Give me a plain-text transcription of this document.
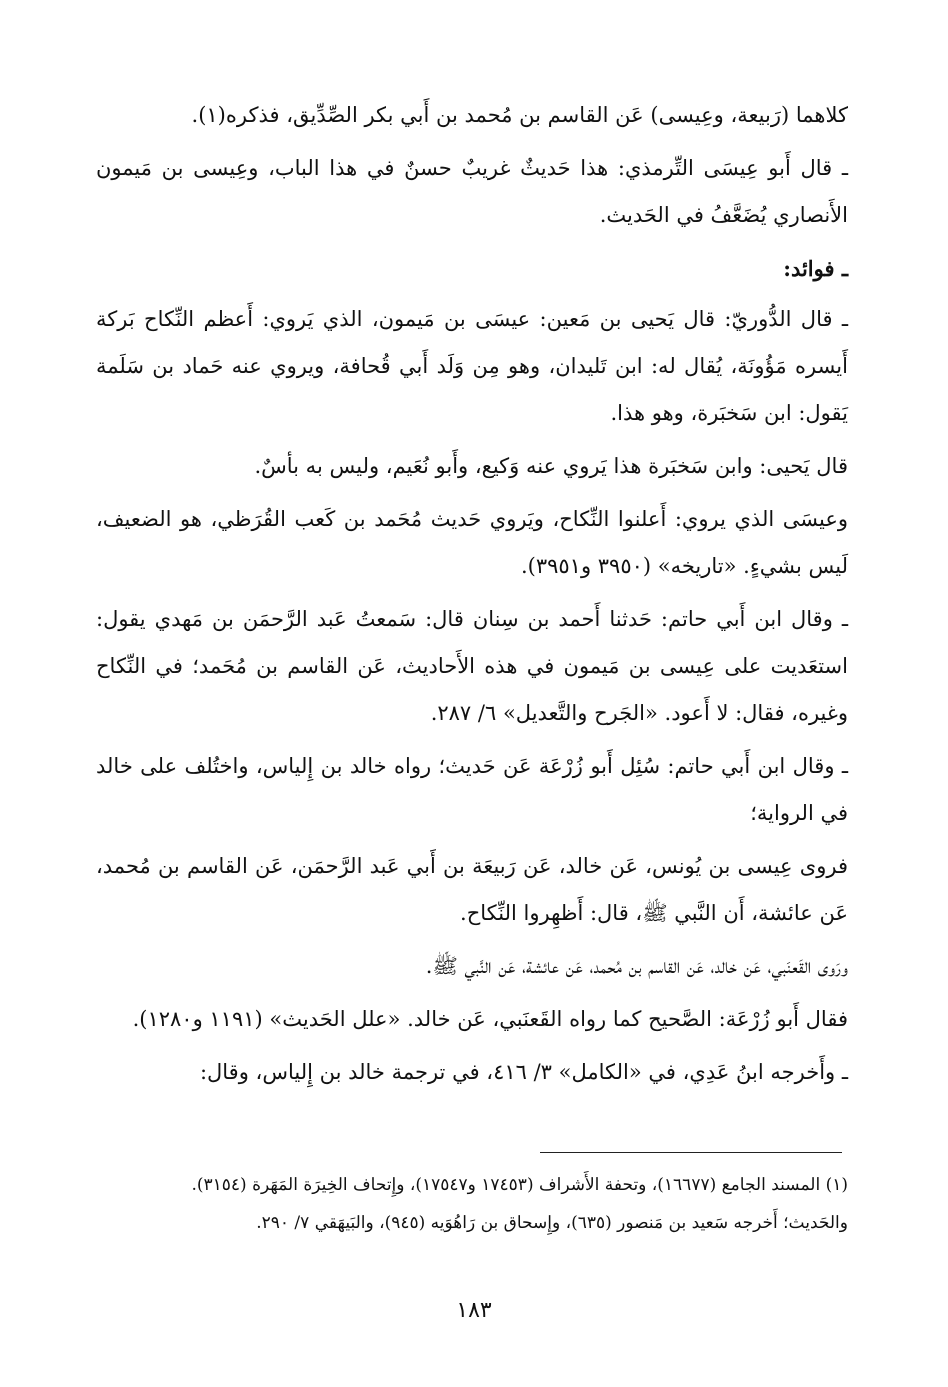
كلاهما (رَبيعة، وعِيسى) عَن القاسم بن مُحمد بن أَبي بكر الصِّدِّيق، فذكره(١).

ـ قال أَبو عِيسَى التِّرمذي: هذا حَديثٌ غريبٌ حسنٌ في هذا الباب، وعِيسى بن مَيمون الأَنصاري يُضَعَّفُ في الحَديث.

ـ فوائد:

ـ قال الدُّوريّ: قال يَحيى بن مَعين: عيسَى بن مَيمون، الذي يَروي: أَعظم النِّكاح بَركة أَيسره مَؤُونَة، يُقال له: ابن تَليدان، وهو مِن وَلَد أَبي قُحافة، ويروي عنه حَماد بن سَلَمة يَقول: ابن سَخبَرة، وهو هذا.

قال يَحيى: وابن سَخبَرة هذا يَروي عنه وَكيع، وأَبو نُعَيم، وليس به بأسٌ.

وعيسَى الذي يروي: أَعلنوا النِّكاح، ويَروي حَديث مُحَمد بن كَعب القُرَظي، هو الضعيف، لَيس بشيءٍ. «تاريخه» (٣٩٥٠ و٣٩٥١).

ـ وقال ابن أَبي حاتم: حَدثنا أَحمد بن سِنان قال: سَمعتُ عَبد الرَّحمَن بن مَهدي يقول: استعَديت على عِيسى بن مَيمون في هذه الأَحاديث، عَن القاسم بن مُحَمد؛ في النِّكاح وغيره، فقال: لا أَعود. «الجَرح والتَّعديل» ٦/ ٢٨٧.

ـ وقال ابن أَبي حاتم: سُئِل أَبو زُرْعَة عَن حَديث؛ رواه خالد بن إِلياس، واختُلف على خالد في الرواية؛

فروى عِيسى بن يُونس، عَن خالد، عَن رَبيعَة بن أَبي عَبد الرَّحمَن، عَن القاسم بن مُحمد، عَن عائشة، أَن النَّبي ﷺ، قال: أَظهِروا النِّكاح.

ورَوى القَعنَبي، عَن خالد، عَن القاسم بن مُحمد، عَن عائشة، عَن النَّبي ﷺ.

فقال أَبو زُرْعَة: الصَّحيح كما رواه القَعنَبي، عَن خالد. «علل الحَديث» (١١٩١ و١٢٨٠).

ـ وأَخرجه ابنُ عَدِي، في «الكامل» ٣/ ٤١٦، في ترجمة خالد بن إِلياس، وقال:

(١) المسند الجامع (١٦٦٧٧)، وتحفة الأَشراف (١٧٤٥٣ و١٧٥٤٧)، وإِتحاف الخِيرَة المَهَرة (٣١٥٤).

والحَديث؛ أَخرجه سَعيد بن مَنصور (٦٣٥)، وإِسحاق بن رَاهُوَيه (٩٤٥)، والبَيهَقي ٧/ ٢٩٠.

١٨٣
